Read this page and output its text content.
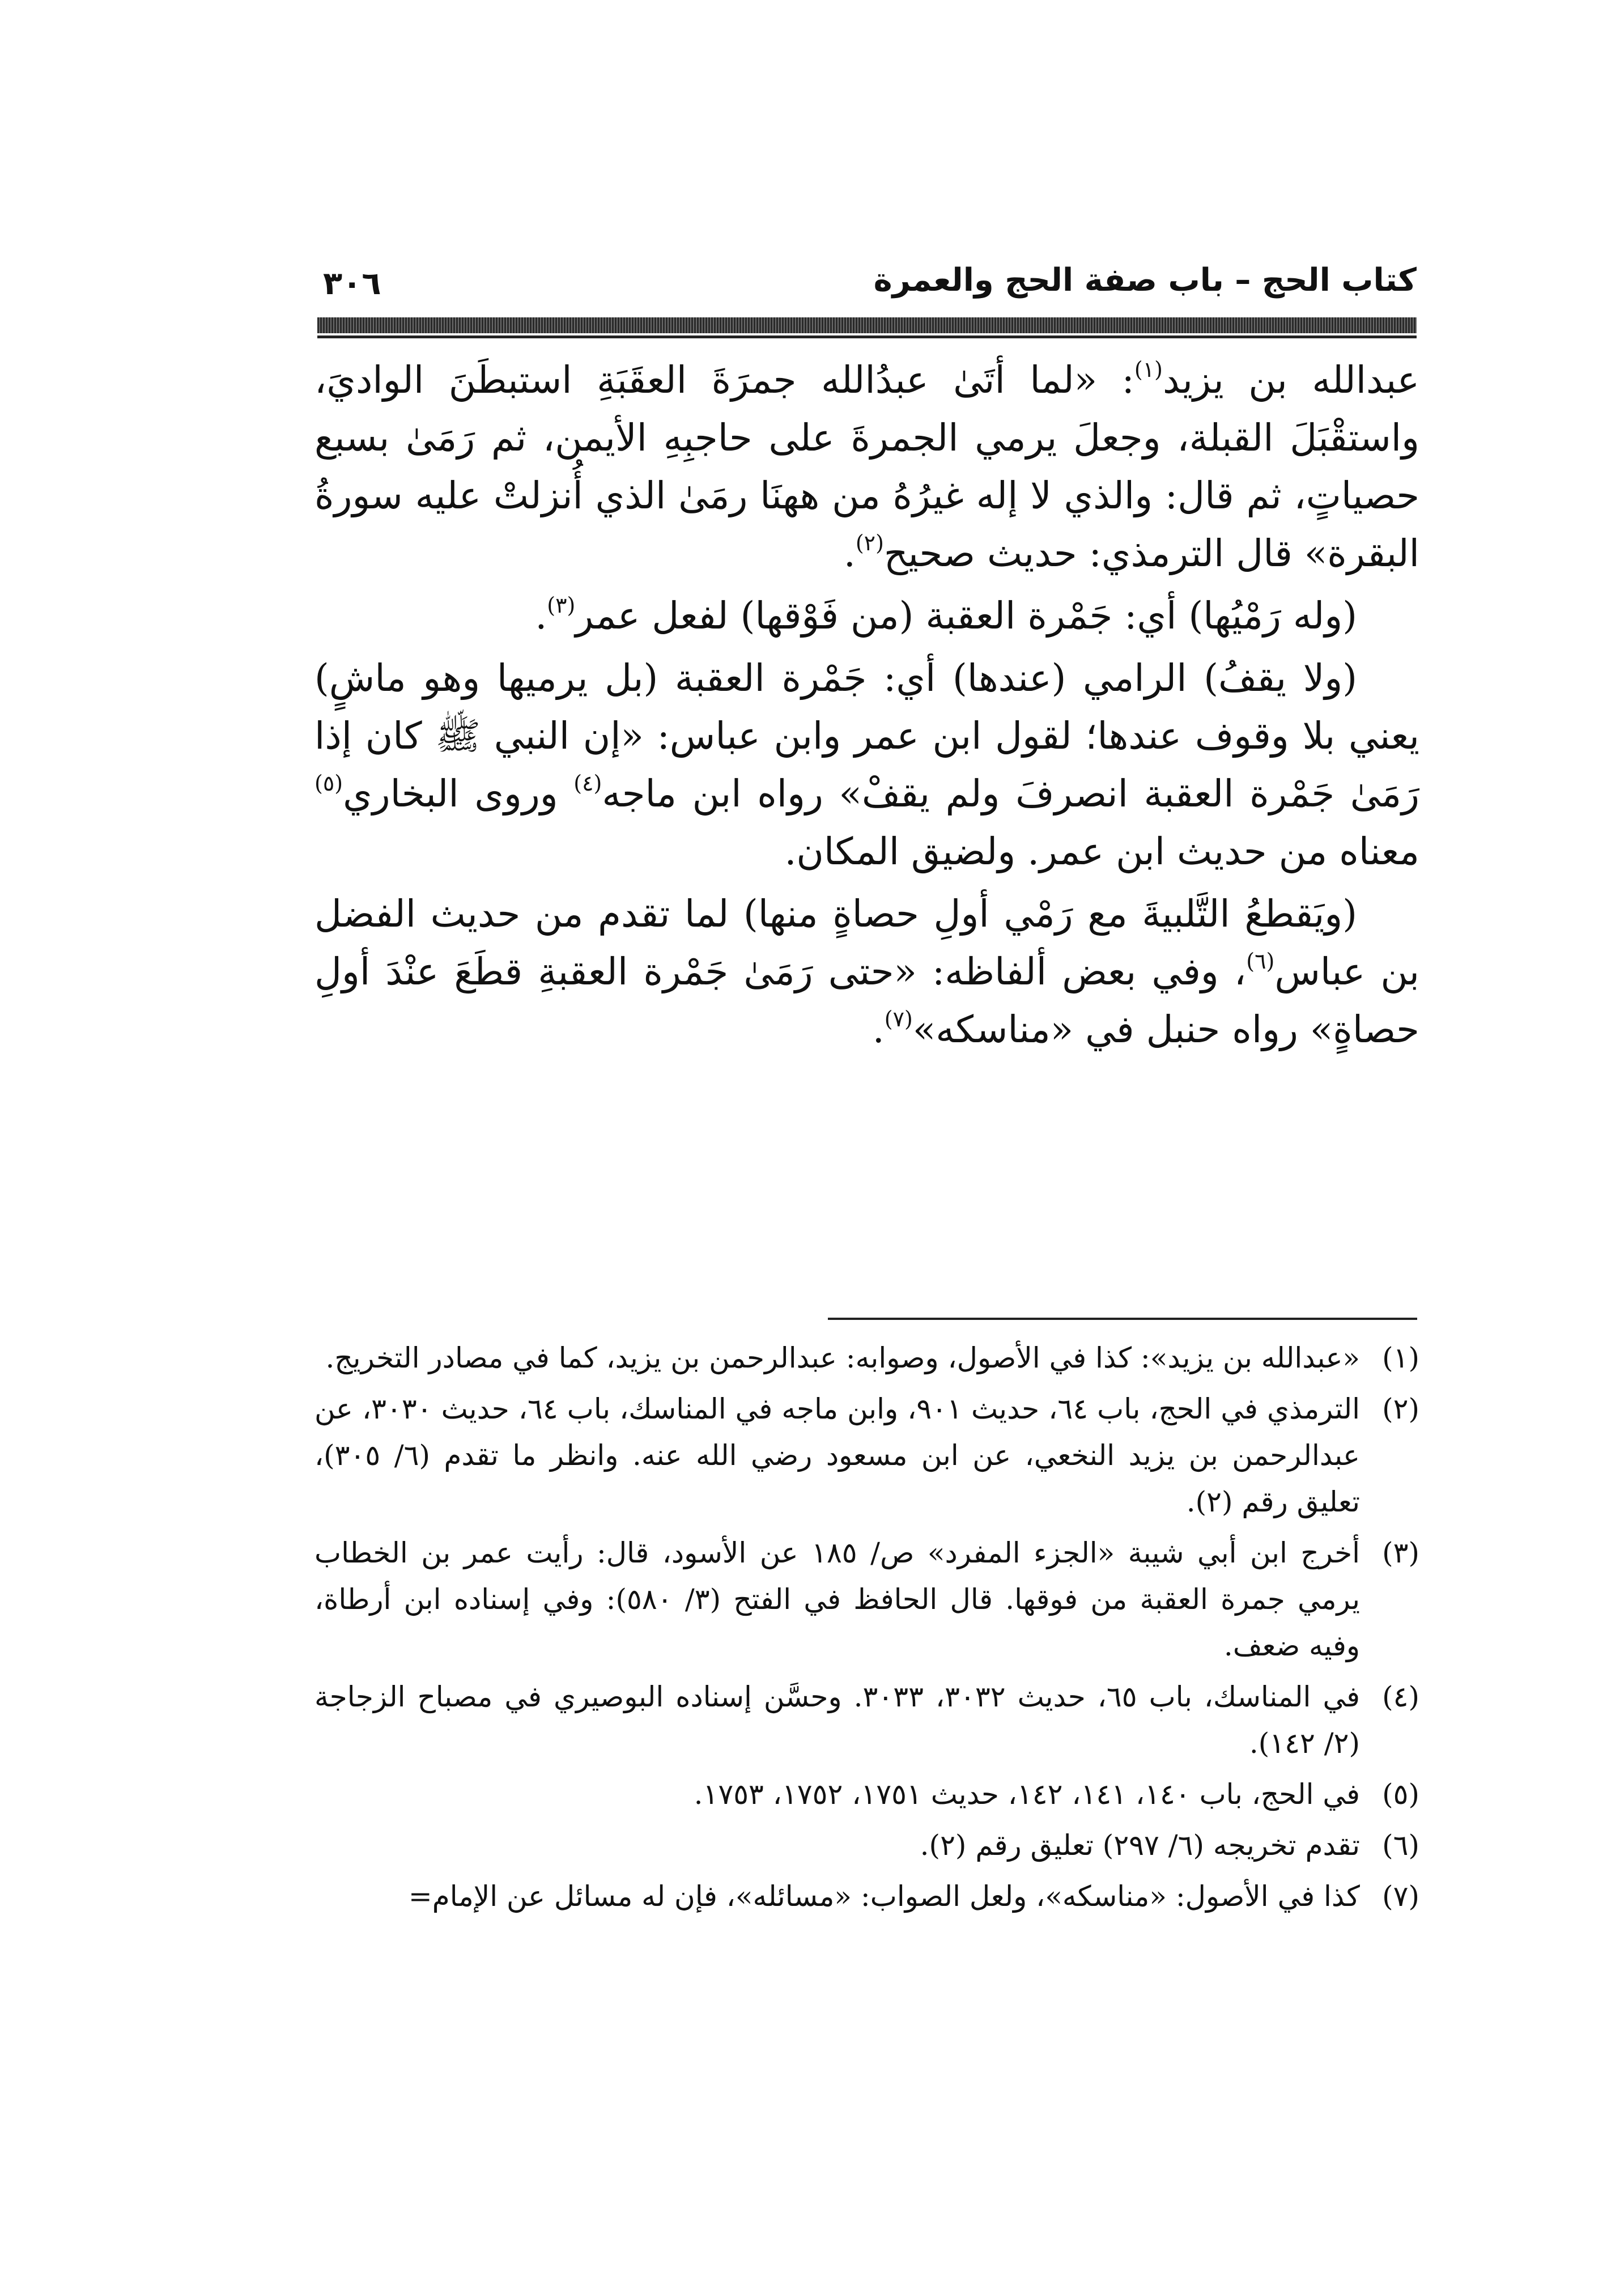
كتاب الحج – باب صفة الحج والعمرة
٣٠٦

عبدالله بن يزيد$^{(١)}$: «لما أتَىٰ عبدُالله جمرَةَ العقَبَةِ استبطَنَ الواديَ، واستقْبَلَ القبلة، وجعلَ يرمي الجمرةَ على حاجبِهِ الأيمن، ثم رَمَىٰ بسبع حصياتٍ، ثم قال: والذي لا إله غيرُهُ من ههنَا رمَىٰ الذي أُنزلتْ عليه سورةُ البقرة» قال الترمذي: حديث صحيح$^{(٢)}$.

(وله رَمْيُها) أي: جَمْرة العقبة (من فَوْقها) لفعل عمر$^{(٣)}$.

(ولا يقفُ) الرامي (عندها) أي: جَمْرة العقبة (بل يرميها وهو ماشٍ) يعني بلا وقوف عندها؛ لقول ابن عمر وابن عباس: «إن النبي ﷺ كان إذا رَمَىٰ جَمْرة العقبة انصرفَ ولم يقفْ» رواه ابن ماجه$^{(٤)}$ وروى البخاري$^{(٥)}$ معناه من حديث ابن عمر. ولضيق المكان.

(ويَقطعُ التَّلبيةَ مع رَمْي أولِ حصاةٍ منها) لما تقدم من حديث الفضل بن عباس$^{(٦)}$، وفي بعض ألفاظه: «حتى رَمَىٰ جَمْرة العقبةِ قطَعَ عنْدَ أولِ حصاةٍ» رواه حنبل في «مناسكه»$^{(٧)}$.

(١)
«عبدالله بن يزيد»: كذا في الأصول، وصوابه: عبدالرحمن بن يزيد، كما في مصادر التخريج.
(٢)
الترمذي في الحج، باب ٦٤، حديث ٩٠١، وابن ماجه في المناسك، باب ٦٤، حديث ٣٠٣٠، عن عبدالرحمن بن يزيد النخعي، عن ابن مسعود رضي الله عنه. وانظر ما تقدم (٦/ ٣٠٥)، تعليق رقم (٢).
(٣)
أخرج ابن أبي شيبة «الجزء المفرد» ص/ ١٨٥ عن الأسود، قال: رأيت عمر بن الخطاب يرمي جمرة العقبة من فوقها. قال الحافظ في الفتح (٣/ ٥٨٠): وفي إسناده ابن أرطاة، وفيه ضعف.
(٤)
في المناسك، باب ٦٥، حديث ٣٠٣٢، ٣٠٣٣. وحسَّن إسناده البوصيري في مصباح الزجاجة (٢/ ١٤٢).
(٥)
في الحج، باب ١٤٠، ١٤١، ١٤٢، حديث ١٧٥١، ١٧٥٢، ١٧٥٣.
(٦)
تقدم تخريجه (٦/ ٢٩٧) تعليق رقم (٢).
(٧)
كذا في الأصول: «مناسكه»، ولعل الصواب: «مسائله»، فإن له مسائل عن الإمام=
